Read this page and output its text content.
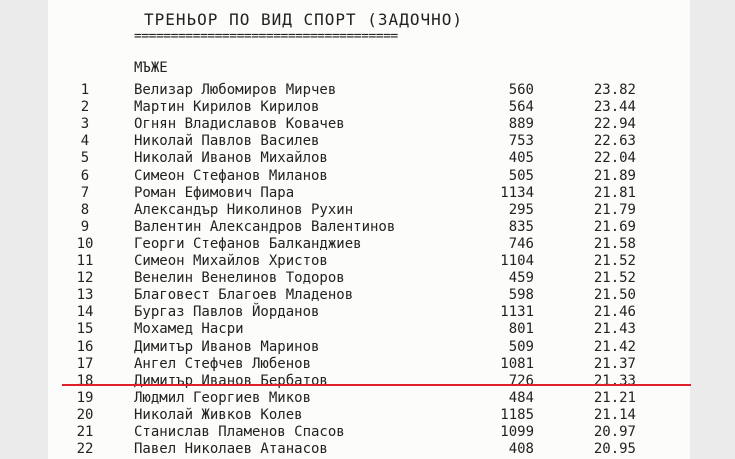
ТРЕНЬОР ПО ВИД СПОРТ (ЗАДОЧНО)
====================================
МЪЖЕ
1	Велизар Любомиров Мирчев	560	23.82
2	Мартин Кирилов Кирилов	564	23.44
3	Огнян Владиславов Ковачев	889	22.94
4	Николай Павлов Василев	753	22.63
5	Николай Иванов Михайлов	405	22.04
6	Симеон Стефанов Миланов	505	21.89
7	Роман Ефимович Пара	1134	21.81
8	Александър Николинов Рухин	295	21.79
9	Валентин Александров Валентинов	835	21.69
10	Георги Стефанов Балканджиев	746	21.58
11	Симеон Михайлов Христов	1104	21.52
12	Венелин Венелинов Тодоров	459	21.52
13	Благовест Благоев Младенов	598	21.50
14	Бургаз Павлов Йорданов	1131	21.46
15	Мохамед Насри	801	21.43
16	Димитър Иванов Маринов	509	21.42
17	Ангел Стефчев Любенов	1081	21.37
18	Димитър Иванов Бербатов	726	21.33
19	Людмил Георгиев Миков	484	21.21
20	Николай Живков Колев	1185	21.14
21	Станислав Пламенов Спасов	1099	20.97
22	Павел Николаев Атанасов	408	20.95
